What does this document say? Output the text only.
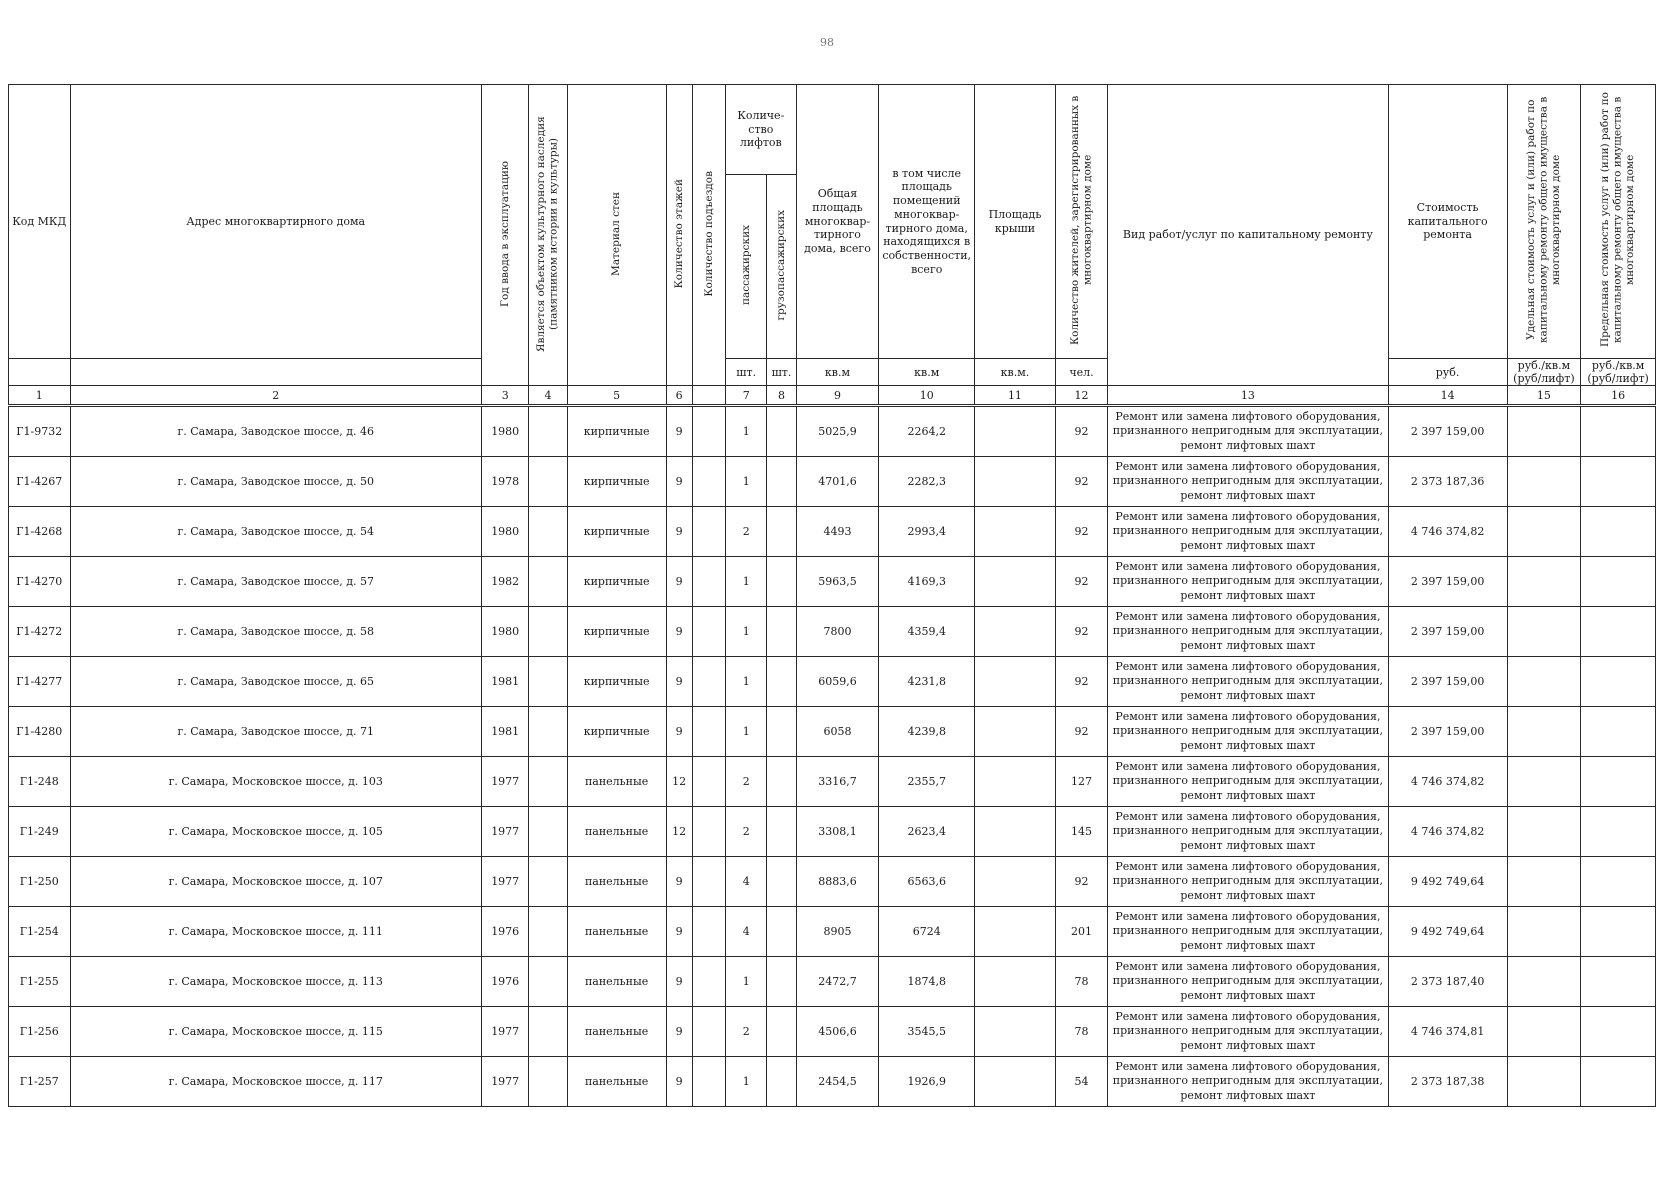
98
Код МКД	Адрес многоквартирного дома	Год ввода в эксплуатацию	Является объектом культурного наследия (памятником истории и культуры)	Материал стен	Количество этажей	Количество подъездов	Количе- ство лифтов		Общая площадь многоквар- тирного дома, всего	в том числе площадь помещений многоквар- тирного дома, находящихся в собственности, всего	Площадь крыши	Количество жителей, зарегистрированных в многоквартирном доме	Вид работ/услуг по капитальному ремонту	Стоимость капитального ремонта	Удельная стоимость услуг и (или) работ по капитальному ремонту общего имущества в многоквартирном доме	Предельная стоимость услуг и (или) работ по капитальному ремонту общего имущества в многоквартирном доме
							пассажирских	грузопассажирских								
							шт.	шт.	кв.м	кв.м	кв.м.	чел.		руб.	руб./кв.м (руб/лифт)	руб./кв.м (руб/лифт)
1	2	3	4	5	6		7	8	9	10	11	12	13	14	15	16
Г1-9732	г. Самара, Заводское шоссе, д. 46	1980		кирпичные	9		1		5025,9	2264,2		92	Ремонт или замена лифтового оборудования, признанного непригодным для эксплуатации, ремонт лифтовых шахт	2 397 159,00		
Г1-4267	г. Самара, Заводское шоссе, д. 50	1978		кирпичные	9		1		4701,6	2282,3		92	Ремонт или замена лифтового оборудования, признанного непригодным для эксплуатации, ремонт лифтовых шахт	2 373 187,36		
Г1-4268	г. Самара, Заводское шоссе, д. 54	1980		кирпичные	9		2		4493	2993,4		92	Ремонт или замена лифтового оборудования, признанного непригодным для эксплуатации, ремонт лифтовых шахт	4 746 374,82		
Г1-4270	г. Самара, Заводское шоссе, д. 57	1982		кирпичные	9		1		5963,5	4169,3		92	Ремонт или замена лифтового оборудования, признанного непригодным для эксплуатации, ремонт лифтовых шахт	2 397 159,00		
Г1-4272	г. Самара, Заводское шоссе, д. 58	1980		кирпичные	9		1		7800	4359,4		92	Ремонт или замена лифтового оборудования, признанного непригодным для эксплуатации, ремонт лифтовых шахт	2 397 159,00		
Г1-4277	г. Самара, Заводское шоссе, д. 65	1981		кирпичные	9		1		6059,6	4231,8		92	Ремонт или замена лифтового оборудования, признанного непригодным для эксплуатации, ремонт лифтовых шахт	2 397 159,00		
Г1-4280	г. Самара, Заводское шоссе, д. 71	1981		кирпичные	9		1		6058	4239,8		92	Ремонт или замена лифтового оборудования, признанного непригодным для эксплуатации, ремонт лифтовых шахт	2 397 159,00		
Г1-248	г. Самара, Московское шоссе, д. 103	1977		панельные	12		2		3316,7	2355,7		127	Ремонт или замена лифтового оборудования, признанного непригодным для эксплуатации, ремонт лифтовых шахт	4 746 374,82		
Г1-249	г. Самара, Московское шоссе, д. 105	1977		панельные	12		2		3308,1	2623,4		145	Ремонт или замена лифтового оборудования, признанного непригодным для эксплуатации, ремонт лифтовых шахт	4 746 374,82		
Г1-250	г. Самара, Московское шоссе, д. 107	1977		панельные	9		4		8883,6	6563,6		92	Ремонт или замена лифтового оборудования, признанного непригодным для эксплуатации, ремонт лифтовых шахт	9 492 749,64		
Г1-254	г. Самара, Московское шоссе, д. 111	1976		панельные	9		4		8905	6724		201	Ремонт или замена лифтового оборудования, признанного непригодным для эксплуатации, ремонт лифтовых шахт	9 492 749,64		
Г1-255	г. Самара, Московское шоссе, д. 113	1976		панельные	9		1		2472,7	1874,8		78	Ремонт или замена лифтового оборудования, признанного непригодным для эксплуатации, ремонт лифтовых шахт	2 373 187,40		
Г1-256	г. Самара, Московское шоссе, д. 115	1977		панельные	9		2		4506,6	3545,5		78	Ремонт или замена лифтового оборудования, признанного непригодным для эксплуатации, ремонт лифтовых шахт	4 746 374,81		
Г1-257	г. Самара, Московское шоссе, д. 117	1977		панельные	9		1		2454,5	1926,9		54	Ремонт или замена лифтового оборудования, признанного непригодным для эксплуатации, ремонт лифтовых шахт	2 373 187,38		
